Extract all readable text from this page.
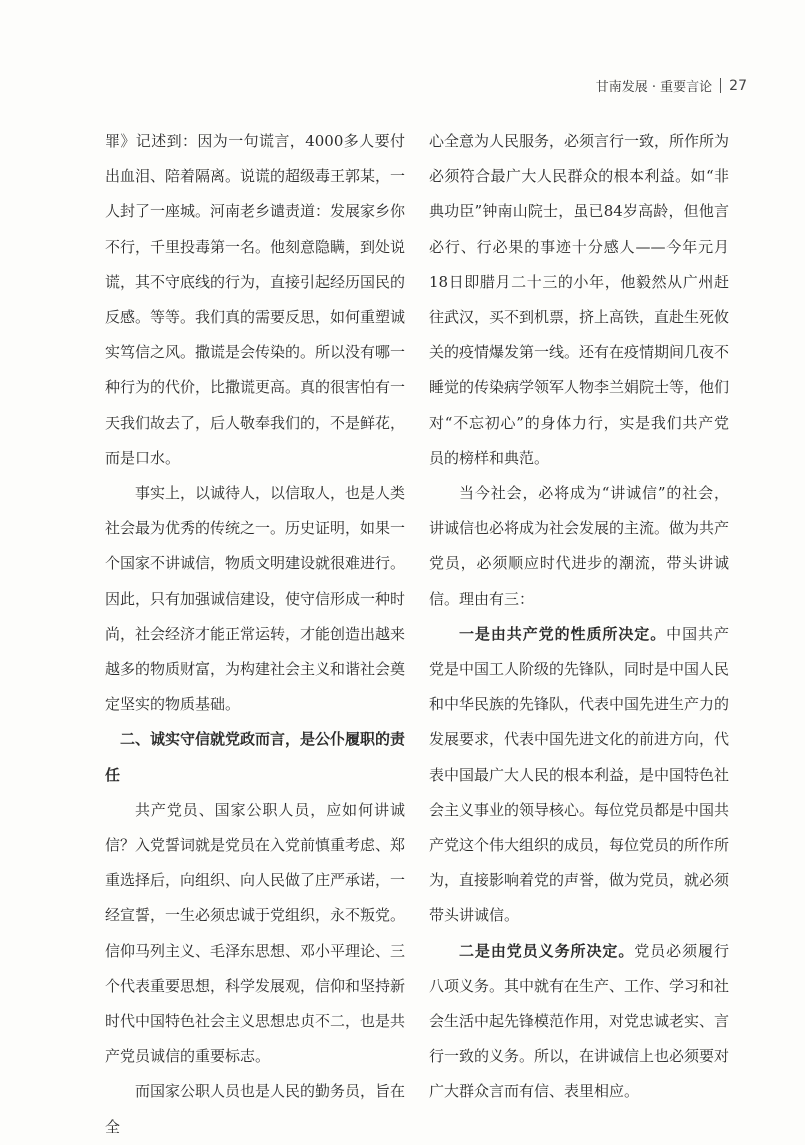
甘南发展 · 重要言论 27

罪》记述到：因为一句谎言，4000多人要付出血泪、陪着隔离。说谎的超级毒王郭某，一人封了一座城。河南老乡谴责道：发展家乡你不行，千里投毒第一名。他刻意隐瞒，到处说谎，其不守底线的行为，直接引起经历国民的反感。等等。我们真的需要反思，如何重塑诚实笃信之风。撒谎是会传染的。所以没有哪一种行为的代价，比撒谎更高。真的很害怕有一天我们故去了，后人敬奉我们的，不是鲜花，而是口水。

事实上，以诚待人，以信取人，也是人类社会最为优秀的传统之一。历史证明，如果一个国家不讲诚信，物质文明建设就很难进行。因此，只有加强诚信建设，使守信形成一种时尚，社会经济才能正常运转，才能创造出越来越多的物质财富，为构建社会主义和谐社会奠定坚实的物质基础。

二、诚实守信就党政而言，是公仆履职的责任

共产党员、国家公职人员，应如何讲诚信？入党誓词就是党员在入党前慎重考虑、郑重选择后，向组织、向人民做了庄严承诺，一经宣誓，一生必须忠诚于党组织，永不叛党。信仰马列主义、毛泽东思想、邓小平理论、三个代表重要思想，科学发展观，信仰和坚持新时代中国特色社会主义思想忠贞不二，也是共产党员诚信的重要标志。

而国家公职人员也是人民的勤务员，旨在全

心全意为人民服务，必须言行一致，所作所为必须符合最广大人民群众的根本利益。如“非典功臣”钟南山院士，虽已84岁高龄，但他言必行、行必果的事迹十分感人——今年元月18日即腊月二十三的小年，他毅然从广州赶往武汉，买不到机票，挤上高铁，直赴生死攸关的疫情爆发第一线。还有在疫情期间几夜不睡觉的传染病学领军人物李兰娟院士等，他们对“不忘初心”的身体力行，实是我们共产党员的榜样和典范。

当今社会，必将成为“讲诚信”的社会，讲诚信也必将成为社会发展的主流。做为共产党员，必须顺应时代进步的潮流，带头讲诚信。理由有三：

一是由共产党的性质所决定。中国共产党是中国工人阶级的先锋队，同时是中国人民和中华民族的先锋队，代表中国先进生产力的发展要求，代表中国先进文化的前进方向，代表中国最广大人民的根本利益，是中国特色社会主义事业的领导核心。每位党员都是中国共产党这个伟大组织的成员，每位党员的所作所为，直接影响着党的声誉，做为党员，就必须带头讲诚信。

二是由党员义务所决定。党员必须履行八项义务。其中就有在生产、工作、学习和社会生活中起先锋模范作用，对党忠诚老实、言行一致的义务。所以，在讲诚信上也必须要对广大群众言而有信、表里相应。
